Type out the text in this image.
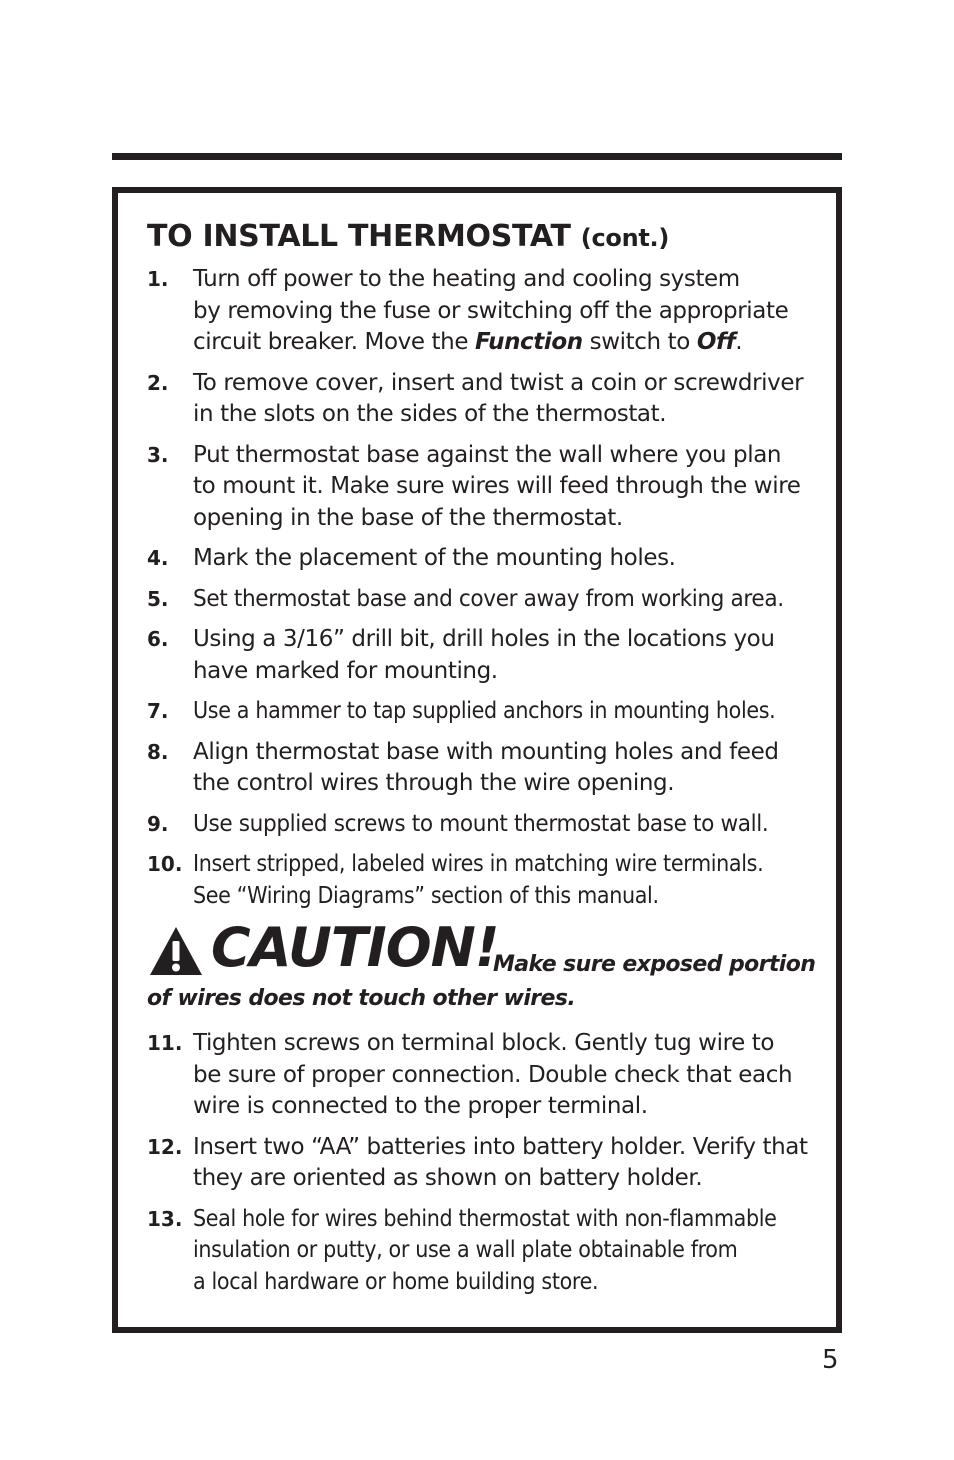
TO INSTALL THERMOSTAT (cont.)
1. Turn off power to the heating and cooling system
by removing the fuse or switching off the appropriate
circuit breaker. Move the Function switch to Off.
2. To remove cover, insert and twist a coin or screwdriver
in the slots on the sides of the thermostat.
3. Put thermostat base against the wall where you plan
to mount it. Make sure wires will feed through the wire
opening in the base of the thermostat.
4. Mark the placement of the mounting holes.
5. Set thermostat base and cover away from working area.
6. Using a 3/16” drill bit, drill holes in the locations you
have marked for mounting.
7. Use a hammer to tap supplied anchors in mounting holes.
8. Align thermostat base with mounting holes and feed
the control wires through the wire opening.
9. Use supplied screws to mount thermostat base to wall.
10. Insert stripped, labeled wires in matching wire terminals.
See “Wiring Diagrams” section of this manual.
CAUTION!
Make sure exposed portion
of wires does not touch other wires.
11. Tighten screws on terminal block. Gently tug wire to
be sure of proper connection. Double check that each
wire is connected to the proper terminal.
12. Insert two “AA” batteries into battery holder. Verify that
they are oriented as shown on battery holder.
13. Seal hole for wires behind thermostat with non-flammable
insulation or putty, or use a wall plate obtainable from
a local hardware or home building store.
5
